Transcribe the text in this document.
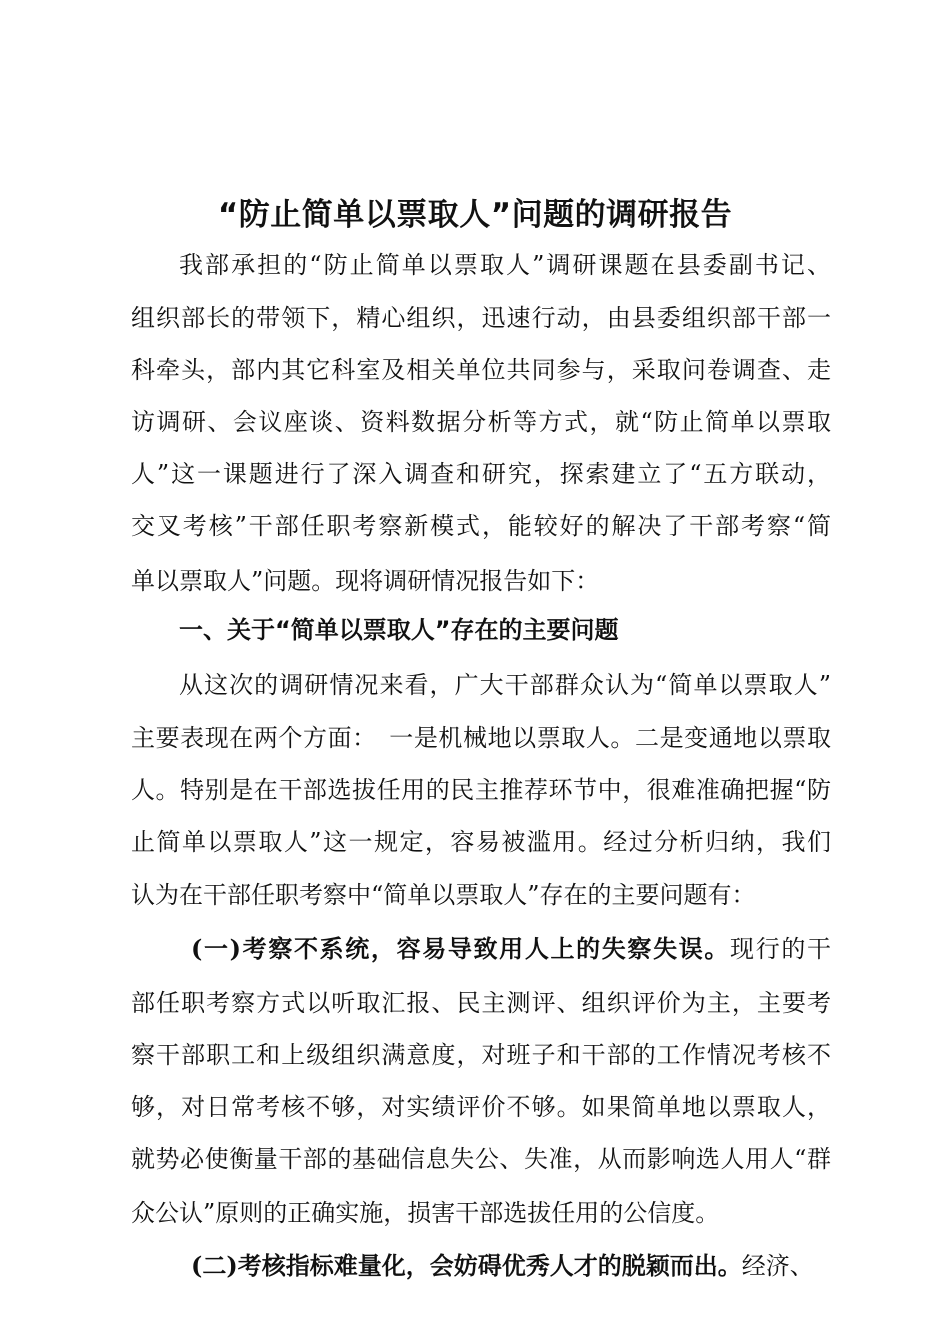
“防止简单以票取人”问题的调研报告
我部承担的“防止简单以票取人”调研课题在县委副书记、
组织部长的带领下，精心组织，迅速行动，由县委组织部干部一
科牵头，部内其它科室及相关单位共同参与，采取问卷调查、走
访调研、会议座谈、资料数据分析等方式，就“防止简单以票取
人”这一课题进行了深入调查和研究，探索建立了“五方联动，
交叉考核”干部任职考察新模式，能较好的解决了干部考察“简
单以票取人”问题。现将调研情况报告如下：
一、关于“简单以票取人”存在的主要问题
从这次的调研情况来看，广大干部群众认为“简单以票取人”
主要表现在两个方面：　一是机械地以票取人。二是变通地以票取
人。特别是在干部选拔任用的民主推荐环节中，很难准确把握“防
止简单以票取人”这一规定，容易被滥用。经过分析归纳，我们
认为在干部任职考察中“简单以票取人”存在的主要问题有：
(一)考察不系统，容易导致用人上的失察失误。现行的干
部任职考察方式以听取汇报、民主测评、组织评价为主，主要考
察干部职工和上级组织满意度，对班子和干部的工作情况考核不
够，对日常考核不够，对实绩评价不够。如果简单地以票取人，
就势必使衡量干部的基础信息失公、失准，从而影响选人用人“群
众公认”原则的正确实施，损害干部选拔任用的公信度。
(二)考核指标难量化，会妨碍优秀人才的脱颖而出。经济、
